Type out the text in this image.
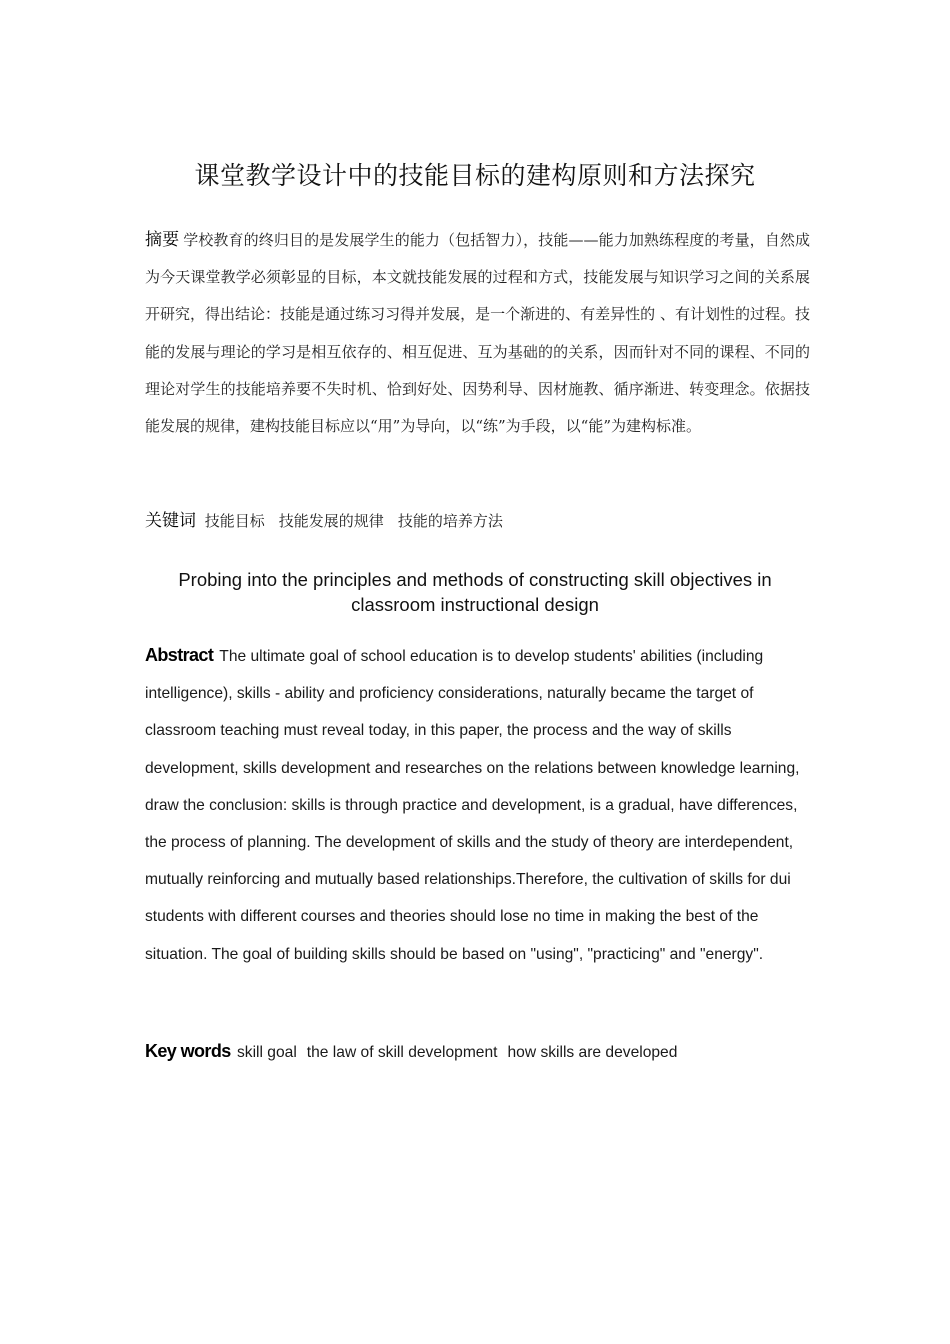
课堂教学设计中的技能目标的建构原则和方法探究
摘要 学校教育的终归目的是发展学生的能力（包括智力），技能——能力加熟练程度的考量，自然成为今天课堂教学必须彰显的目标，本文就技能发展的过程和方式，技能发展与知识学习之间的关系展开研究，得出结论：技能是通过练习习得并发展，是一个渐进的、有差异性的 、有计划性的过程。技能的发展与理论的学习是相互依存的、相互促进、互为基础的的关系，因而针对不同的课程、不同的理论对学生的技能培养要不失时机、恰到好处、因势利导、因材施教、循序渐进、转变理念。依据技能发展的规律，建构技能目标应以“用”为导向，以“练”为手段，以“能”为建构标准。
关键词 技能目标 技能发展的规律 技能的培养方法
Probing into the principles and methods of constructing skill objectives in classroom instructional design
Abstract The ultimate goal of school education is to develop students' abilities (including intelligence), skills - ability and proficiency considerations, naturally became the target of classroom teaching must reveal today, in this paper, the process and the way of skills development, skills development and researches on the relations between knowledge learning, draw the conclusion: skills is through practice and development, is a gradual, have differences, the process of planning. The development of skills and the study of theory are interdependent, mutually reinforcing and mutually based relationships.Therefore, the cultivation of skills for dui students with different courses and theories should lose no time in making the best of the situation. The goal of building skills should be based on "using", "practicing" and "energy".
Key words skill goal the law of skill development how skills are developed
